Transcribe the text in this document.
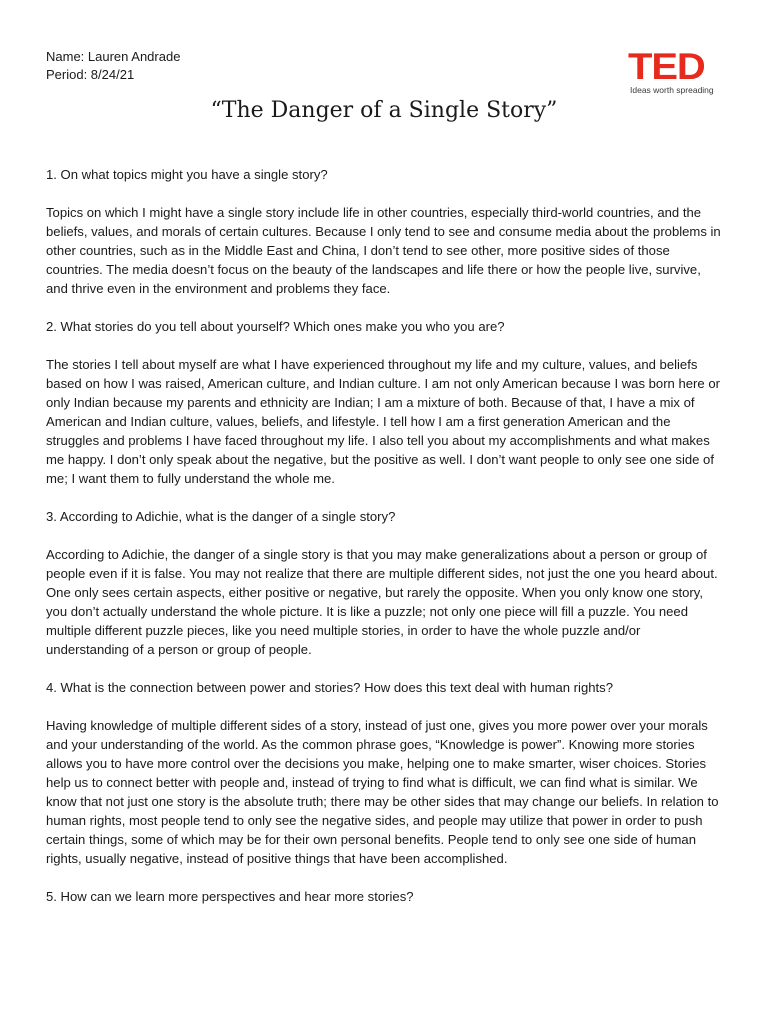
Name: Lauren Andrade
Period: 8/24/21	TED
Ideas worth spreading
“The Danger of a Single Story”

1. On what topics might you have a single story?

Topics on which I might have a single story include life in other countries, especially third-world countries, and the beliefs, values, and morals of certain cultures. Because I only tend to see and consume media about the problems in other countries, such as in the Middle East and China, I don’t tend to see other, more positive sides of those countries. The media doesn’t focus on the beauty of the landscapes and life there or how the people live, survive, and thrive even in the environment and problems they face.

2. What stories do you tell about yourself? Which ones make you who you are?

The stories I tell about myself are what I have experienced throughout my life and my culture, values, and beliefs based on how I was raised, American culture, and Indian culture. I am not only American because I was born here or only Indian because my parents and ethnicity are Indian; I am a mixture of both. Because of that, I have a mix of American and Indian culture, values, beliefs, and lifestyle. I tell how I am a first generation American and the struggles and problems I have faced throughout my life. I also tell you about my accomplishments and what makes me happy. I don’t only speak about the negative, but the positive as well. I don’t want people to only see one side of me; I want them to fully understand the whole me.

3. According to Adichie, what is the danger of a single story?

According to Adichie, the danger of a single story is that you may make generalizations about a person or group of people even if it is false. You may not realize that there are multiple different sides, not just the one you heard about. One only sees certain aspects, either positive or negative, but rarely the opposite. When you only know one story, you don’t actually understand the whole picture. It is like a puzzle; not only one piece will fill a puzzle. You need multiple different puzzle pieces, like you need multiple stories, in order to have the whole puzzle and/or understanding of a person or group of people.

4. What is the connection between power and stories? How does this text deal with human rights?

Having knowledge of multiple different sides of a story, instead of just one, gives you more power over your morals and your understanding of the world. As the common phrase goes, “Knowledge is power”. Knowing more stories allows you to have more control over the decisions you make, helping one to make smarter, wiser choices. Stories help us to connect better with people and, instead of trying to find what is difficult, we can find what is similar. We know that not just one story is the absolute truth; there may be other sides that may change our beliefs. In relation to human rights, most people tend to only see the negative sides, and people may utilize that power in order to push certain things, some of which may be for their own personal benefits. People tend to only see one side of human rights, usually negative, instead of positive things that have been accomplished.

5. How can we learn more perspectives and hear more stories?
